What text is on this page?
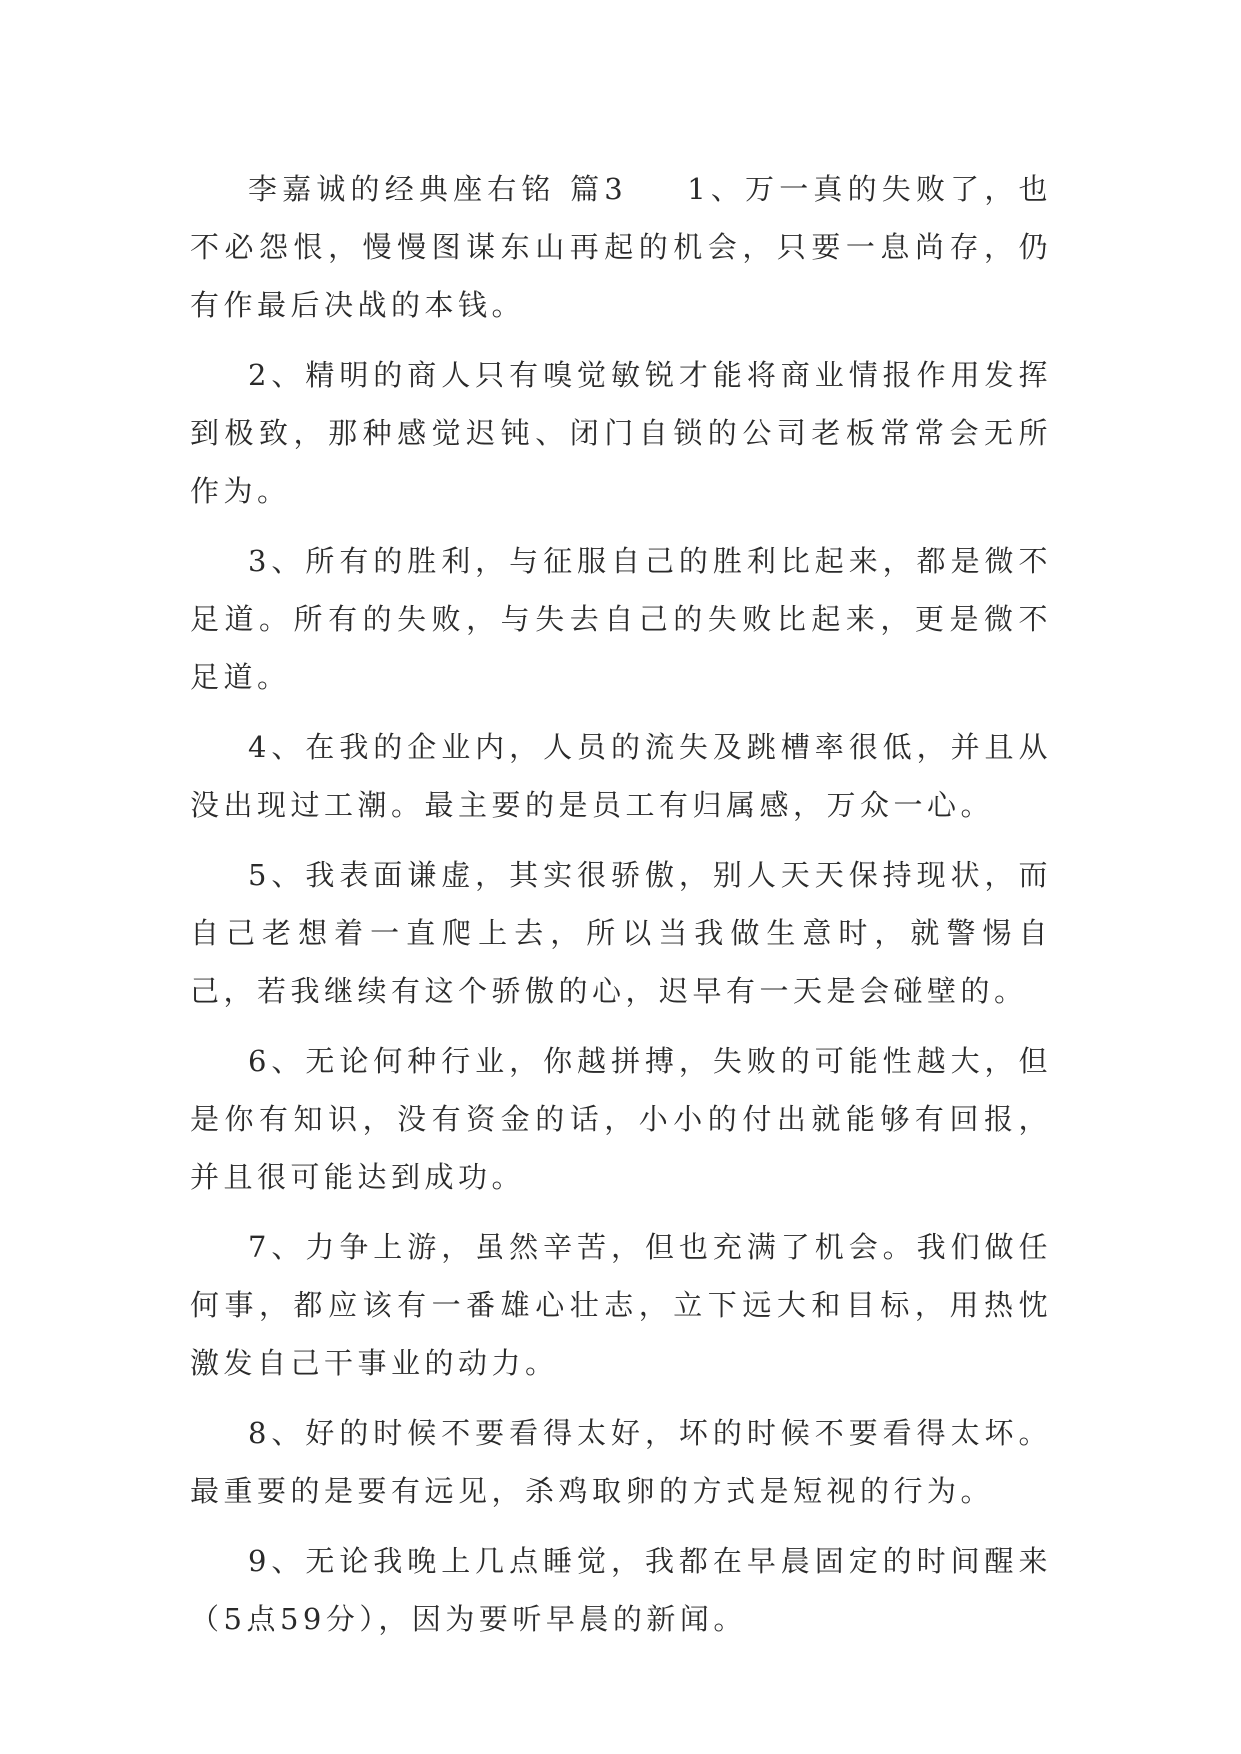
李嘉诚的经典座右铭 篇3 1、万一真的失败了，也不必怨恨，慢慢图谋东山再起的机会，只要一息尚存，仍有作最后决战的本钱。

2、精明的商人只有嗅觉敏锐才能将商业情报作用发挥到极致，那种感觉迟钝、闭门自锁的公司老板常常会无所作为。

3、所有的胜利，与征服自己的胜利比起来，都是微不足道。所有的失败，与失去自己的失败比起来，更是微不足道。

4、在我的企业内，人员的流失及跳槽率很低，并且从没出现过工潮。最主要的是员工有归属感，万众一心。

5、我表面谦虚，其实很骄傲，别人天天保持现状，而自己老想着一直爬上去，所以当我做生意时，就警惕自己，若我继续有这个骄傲的心，迟早有一天是会碰壁的。

6、无论何种行业，你越拼搏，失败的可能性越大，但是你有知识，没有资金的话，小小的付出就能够有回报，并且很可能达到成功。

7、力争上游，虽然辛苦，但也充满了机会。我们做任何事，都应该有一番雄心壮志，立下远大和目标，用热忱激发自己干事业的动力。

8、好的时候不要看得太好，坏的时候不要看得太坏。最重要的是要有远见，杀鸡取卵的方式是短视的行为。

9、无论我晚上几点睡觉，我都在早晨固定的时间醒来（5点59分），因为要听早晨的新闻。
